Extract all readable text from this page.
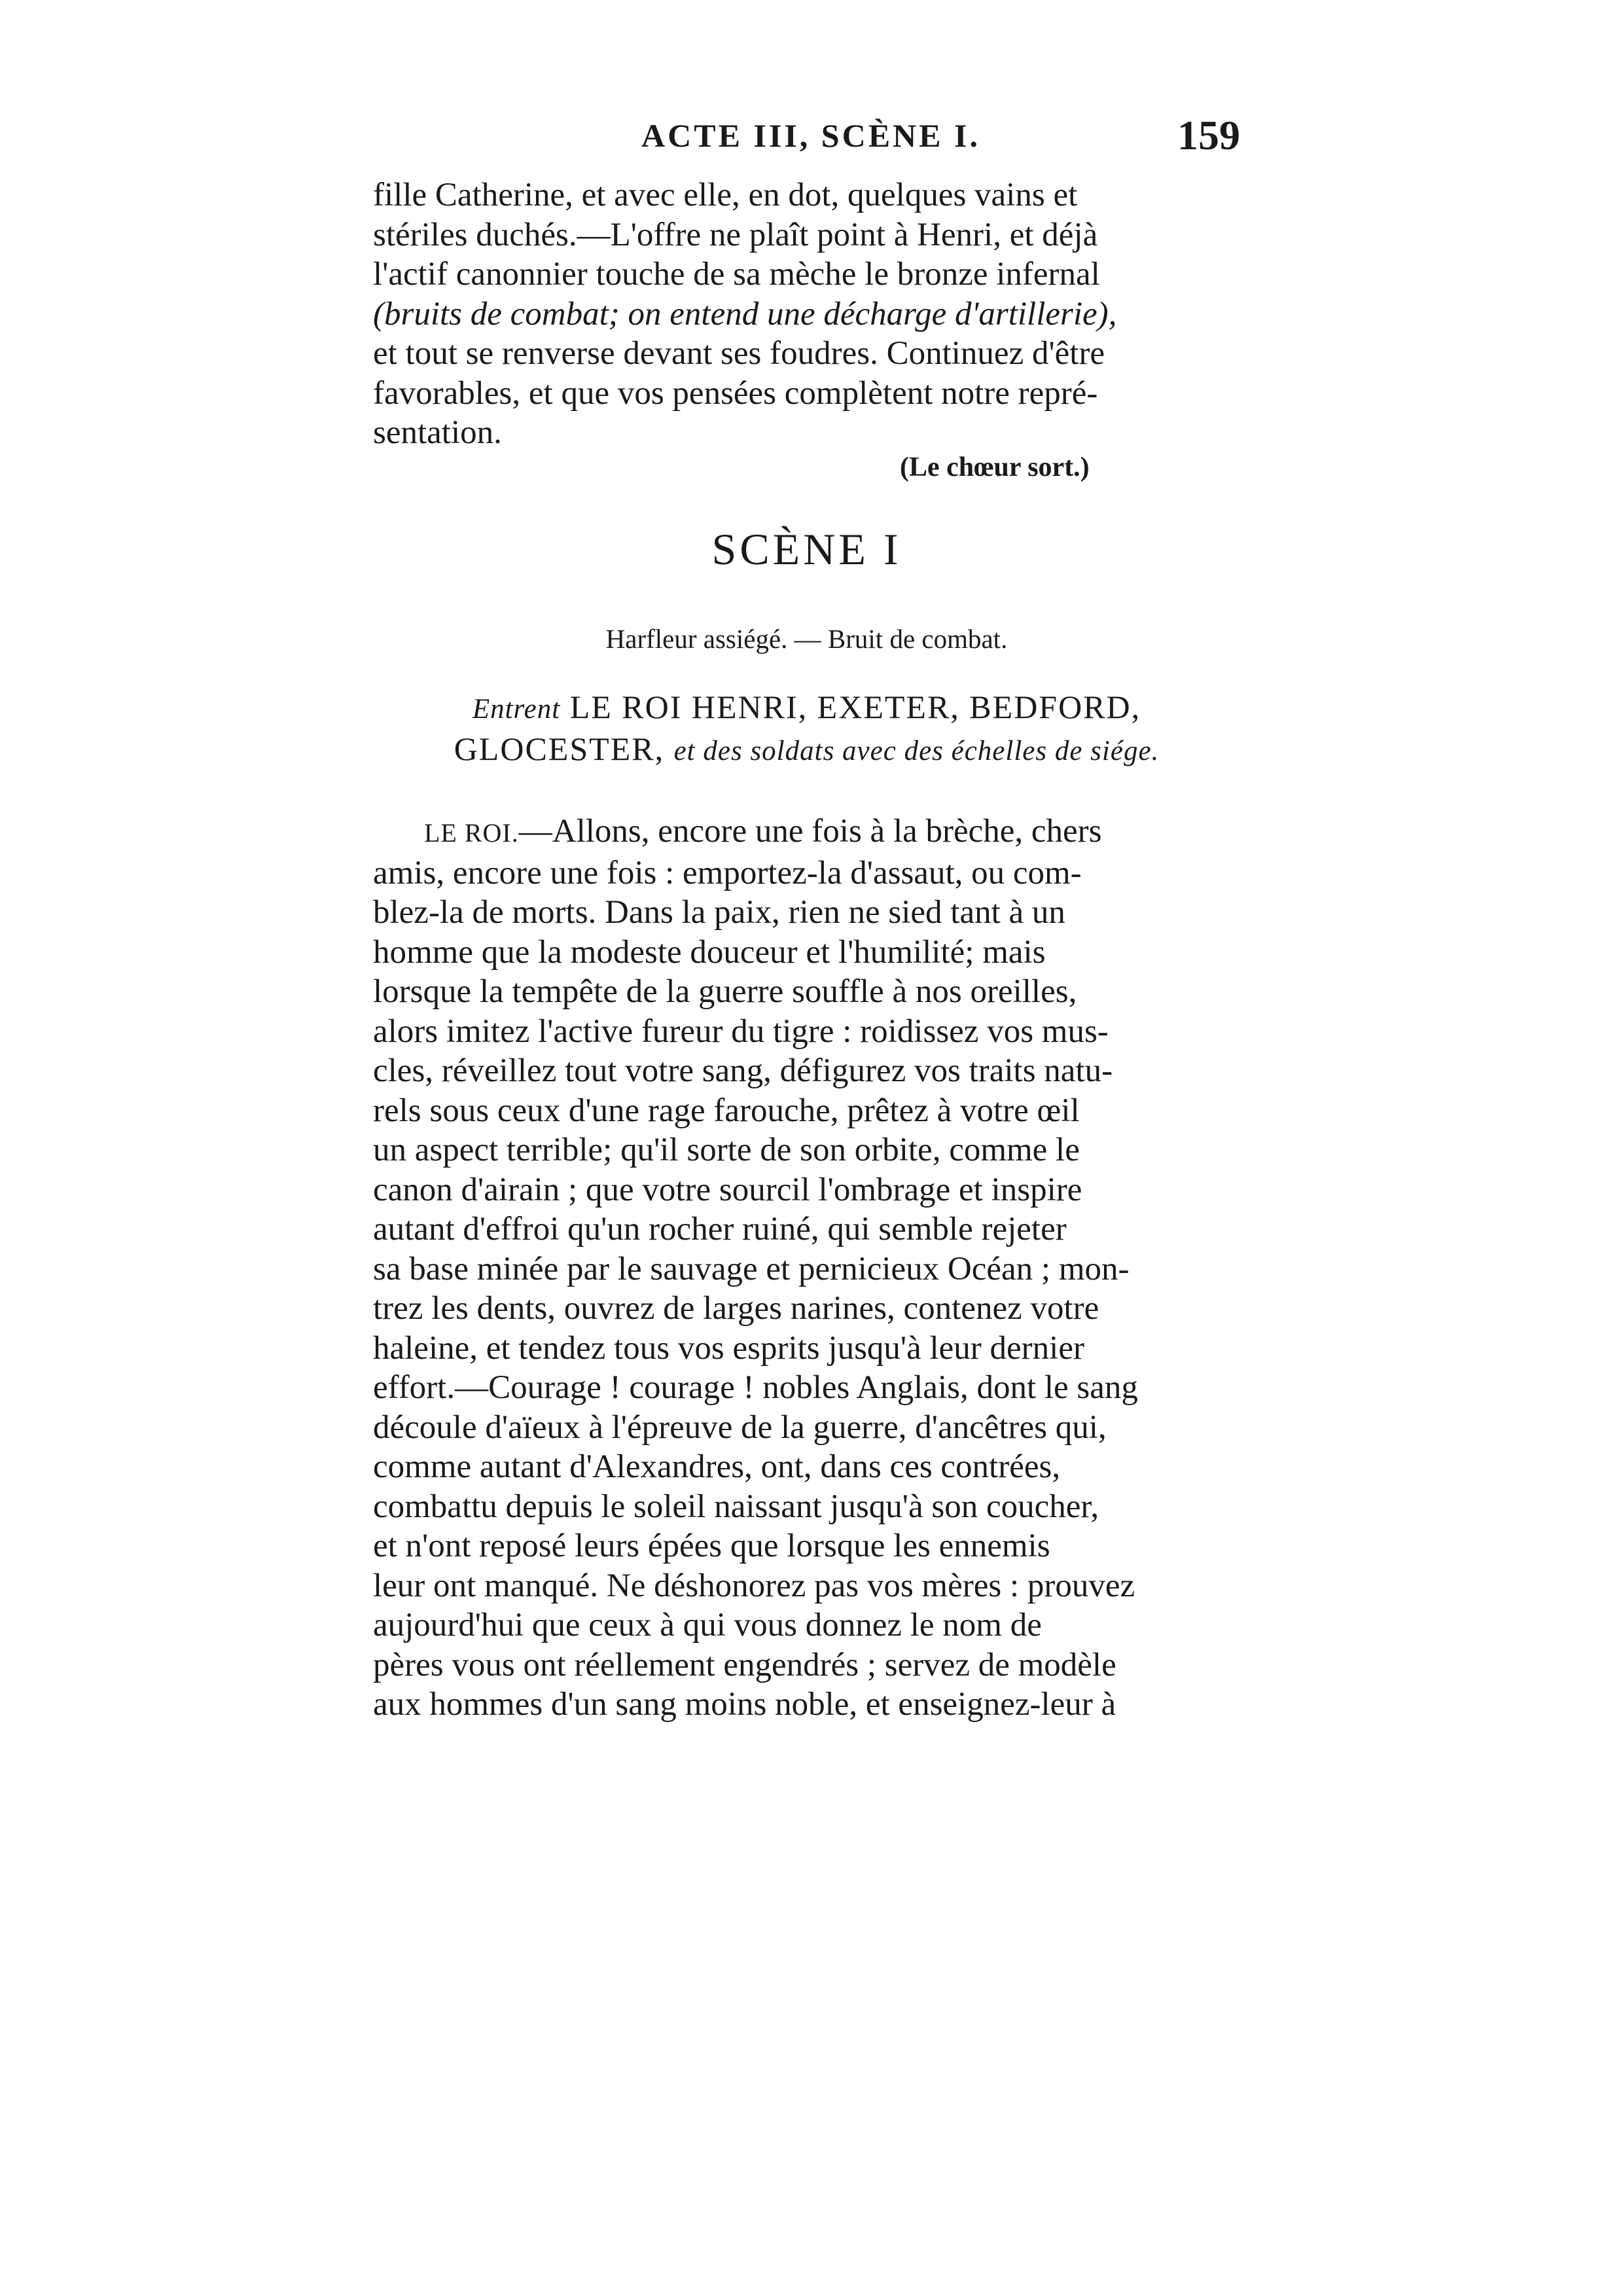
ACTE III, SCÈNE I.	159

fille Catherine, et avec elle, en dot, quelques vains et

stériles duchés.—L'offre ne plaît point à Henri, et déjà

l'actif canonnier touche de sa mèche le bronze infernal

(bruits de combat; on entend une décharge d'artillerie),

et tout se renverse devant ses foudres. Continuez d'être

favorables, et que vos pensées complètent notre repré-

sentation.

(Le chœur sort.)
SCÈNE I
Harfleur assiégé. — Bruit de combat.
Entrent LE ROI HENRI, EXETER, BEDFORD,
GLOCESTER, et des soldats avec des échelles de siége.

LE ROI.—Allons, encore une fois à la brèche, chers

amis, encore une fois : emportez-la d'assaut, ou com-

blez-la de morts. Dans la paix, rien ne sied tant à un

homme que la modeste douceur et l'humilité; mais

lorsque la tempête de la guerre souffle à nos oreilles,

alors imitez l'active fureur du tigre : roidissez vos mus-

cles, réveillez tout votre sang, défigurez vos traits natu-

rels sous ceux d'une rage farouche, prêtez à votre œil

un aspect terrible; qu'il sorte de son orbite, comme le

canon d'airain ; que votre sourcil l'ombrage et inspire

autant d'effroi qu'un rocher ruiné, qui semble rejeter

sa base minée par le sauvage et pernicieux Océan ; mon-

trez les dents, ouvrez de larges narines, contenez votre

haleine, et tendez tous vos esprits jusqu'à leur dernier

effort.—Courage ! courage ! nobles Anglais, dont le sang

découle d'aïeux à l'épreuve de la guerre, d'ancêtres qui,

comme autant d'Alexandres, ont, dans ces contrées,

combattu depuis le soleil naissant jusqu'à son coucher,

et n'ont reposé leurs épées que lorsque les ennemis

leur ont manqué. Ne déshonorez pas vos mères : prouvez

aujourd'hui que ceux à qui vous donnez le nom de

pères vous ont réellement engendrés ; servez de modèle

aux hommes d'un sang moins noble, et enseignez-leur à
